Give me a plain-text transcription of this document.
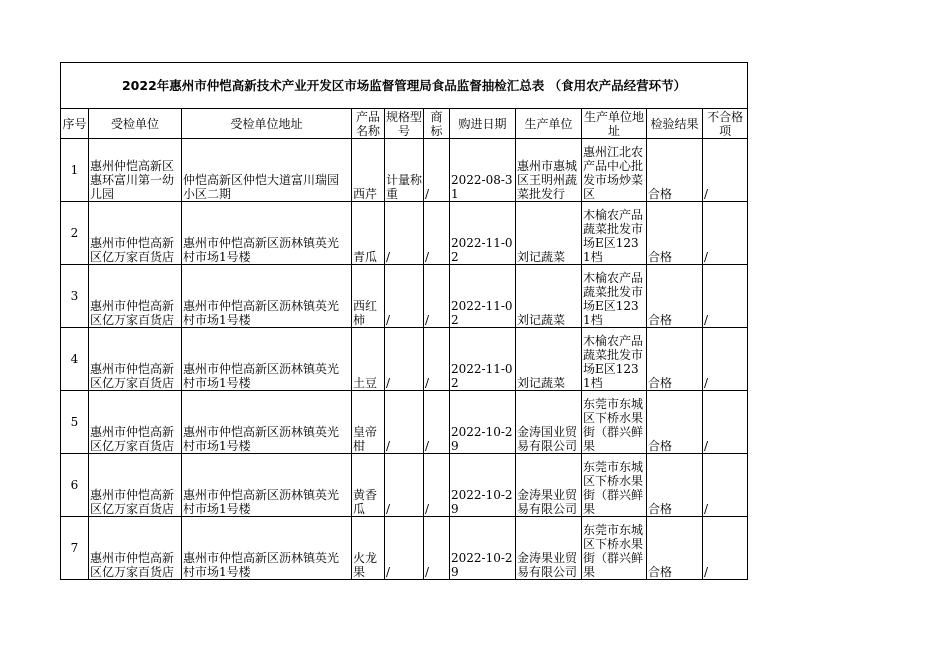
2022年惠州市仲恺高新技术产业开发区市场监督管理局食品监督抽检汇总表 （食用农产品经营环节）										
序号	受检单位	受检单位地址	产品名称	规格型号	商标	购进日期	生产单位	生产单位地址	检验结果	不合格项

1	惠州仲恺高新区惠环富川第一幼儿园	仲恺高新区仲恺大道富川瑞园小区二期	西芹	计量称重	/	2022-08-31	惠州市惠城区王明州蔬菜批发行	惠州江北农产品中心批发市场炒菜区	合格	/

2	惠州市仲恺高新区亿万家百货店	惠州市仲恺高新区沥林镇英光村市场1号楼	青瓜	/	/	2022-11-02	刘记蔬菜	木棆农产品蔬菜批发市场E区1231档	合格	/

3	惠州市仲恺高新区亿万家百货店	惠州市仲恺高新区沥林镇英光村市场1号楼	西红柿	/	/	2022-11-02	刘记蔬菜	木棆农产品蔬菜批发市场E区1231档	合格	/

4	惠州市仲恺高新区亿万家百货店	惠州市仲恺高新区沥林镇英光村市场1号楼	土豆	/	/	2022-11-02	刘记蔬菜	木棆农产品蔬菜批发市场E区1231档	合格	/

5	惠州市仲恺高新区亿万家百货店	惠州市仲恺高新区沥林镇英光村市场1号楼	皇帝柑	/	/	2022-10-29	金涛国业贸易有限公司	东莞市东城区下桥水果街（群兴鲜果	合格	/

6	惠州市仲恺高新区亿万家百货店	惠州市仲恺高新区沥林镇英光村市场1号楼	黄香瓜	/	/	2022-10-29	金涛果业贸易有限公司	东莞市东城区下桥水果街（群兴鲜果	合格	/

7	惠州市仲恺高新区亿万家百货店	惠州市仲恺高新区沥林镇英光村市场1号楼	火龙果	/	/	2022-10-29	金涛果业贸易有限公司	东莞市东城区下桥水果街（群兴鲜果	合格	/
